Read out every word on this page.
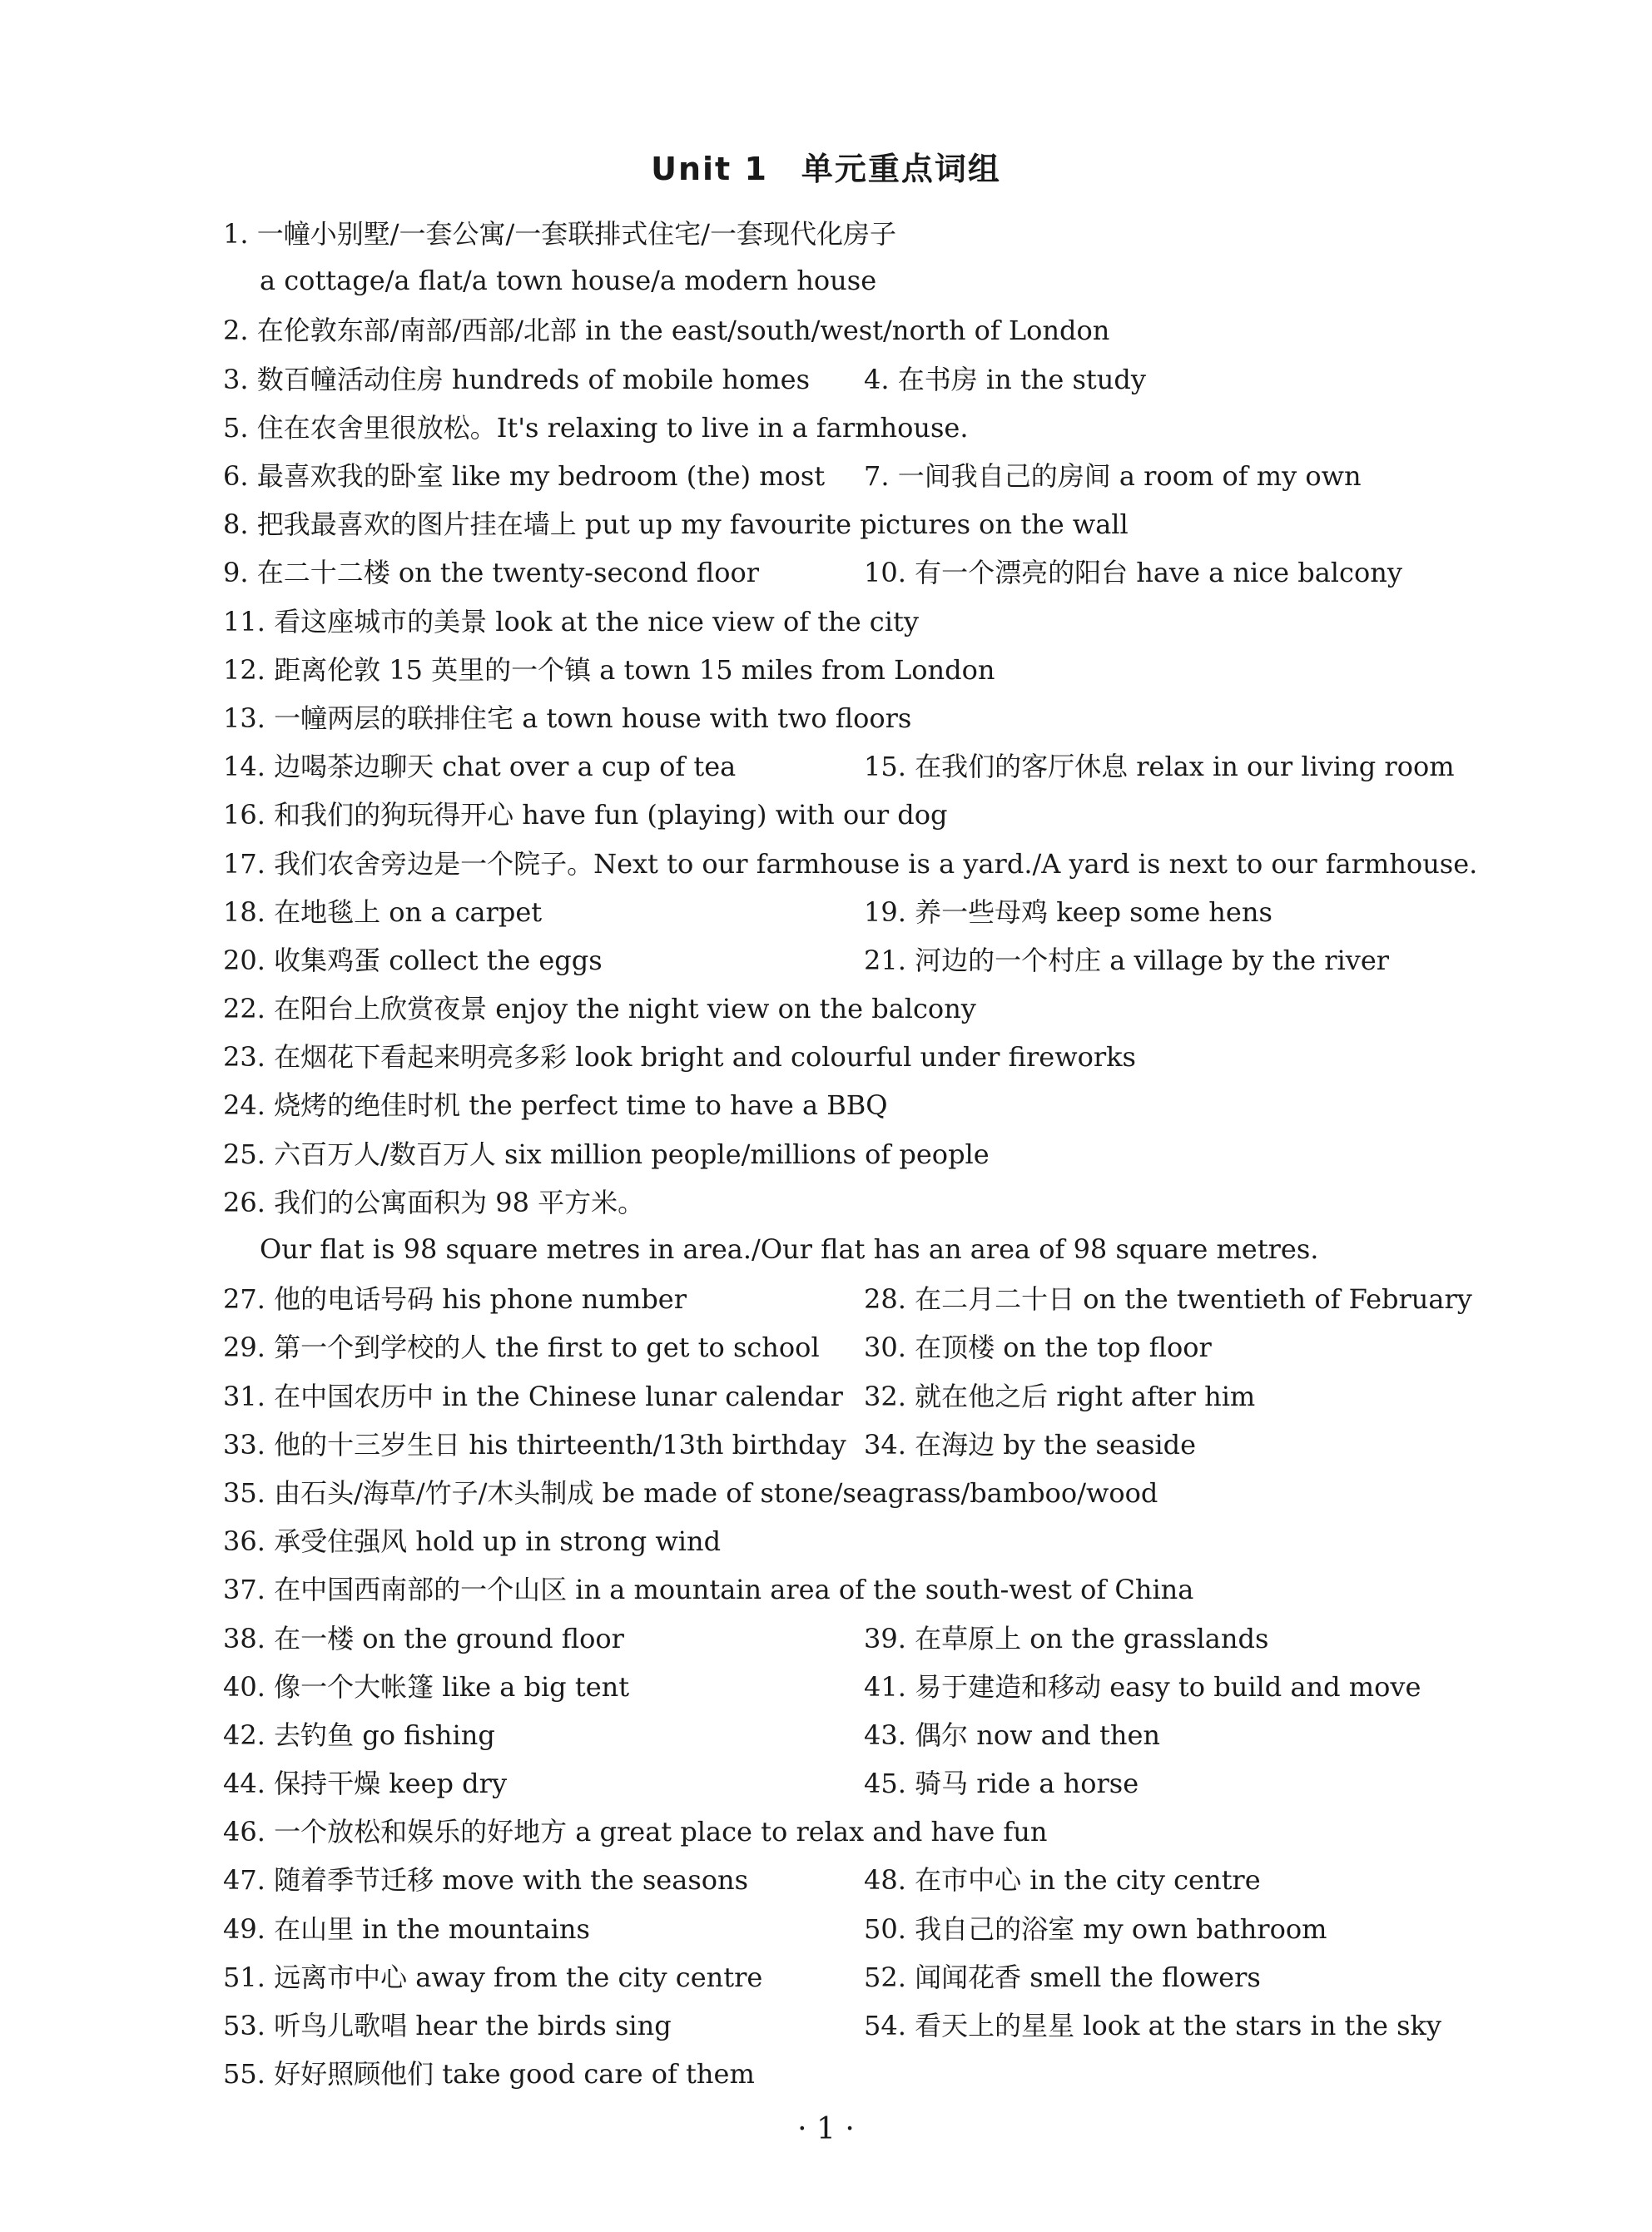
Unit 1　单元重点词组
1. 一幢小别墅/一套公寓/一套联排式住宅/一套现代化房子
a cottage/a flat/a town house/a modern house
2. 在伦敦东部/南部/西部/北部 in the east/south/west/north of London
3. 数百幢活动住房 hundreds of mobile homes	4. 在书房 in the study
5. 住在农舍里很放松。It's relaxing to live in a farmhouse.
6. 最喜欢我的卧室 like my bedroom (the) most	7. 一间我自己的房间 a room of my own
8. 把我最喜欢的图片挂在墙上 put up my favourite pictures on the wall
9. 在二十二楼 on the twenty-second floor	10. 有一个漂亮的阳台 have a nice balcony
11. 看这座城市的美景 look at the nice view of the city
12. 距离伦敦 15 英里的一个镇 a town 15 miles from London
13. 一幢两层的联排住宅 a town house with two floors
14. 边喝茶边聊天 chat over a cup of tea	15. 在我们的客厅休息 relax in our living room
16. 和我们的狗玩得开心 have fun (playing) with our dog
17. 我们农舍旁边是一个院子。Next to our farmhouse is a yard./A yard is next to our farmhouse.
18. 在地毯上 on a carpet	19. 养一些母鸡 keep some hens
20. 收集鸡蛋 collect the eggs	21. 河边的一个村庄 a village by the river
22. 在阳台上欣赏夜景 enjoy the night view on the balcony
23. 在烟花下看起来明亮多彩 look bright and colourful under fireworks
24. 烧烤的绝佳时机 the perfect time to have a BBQ
25. 六百万人/数百万人 six million people/millions of people
26. 我们的公寓面积为 98 平方米。
Our flat is 98 square metres in area./Our flat has an area of 98 square metres.
27. 他的电话号码 his phone number	28. 在二月二十日 on the twentieth of February
29. 第一个到学校的人 the first to get to school	30. 在顶楼 on the top floor
31. 在中国农历中 in the Chinese lunar calendar 32. 就在他之后 right after him
33. 他的十三岁生日 his thirteenth/13th birthday 34. 在海边 by the seaside
35. 由石头/海草/竹子/木头制成 be made of stone/seagrass/bamboo/wood
36. 承受住强风 hold up in strong wind
37. 在中国西南部的一个山区 in a mountain area of the south-west of China
38. 在一楼 on the ground floor	39. 在草原上 on the grasslands
40. 像一个大帐篷 like a big tent	41. 易于建造和移动 easy to build and move
42. 去钓鱼 go fishing	43. 偶尔 now and then
44. 保持干燥 keep dry	45. 骑马 ride a horse
46. 一个放松和娱乐的好地方 a great place to relax and have fun
47. 随着季节迁移 move with the seasons	48. 在市中心 in the city centre
49. 在山里 in the mountains	50. 我自己的浴室 my own bathroom
51. 远离市中心 away from the city centre	52. 闻闻花香 smell the flowers
53. 听鸟儿歌唱 hear the birds sing	54. 看天上的星星 look at the stars in the sky
55. 好好照顾他们 take good care of them
· 1 ·
